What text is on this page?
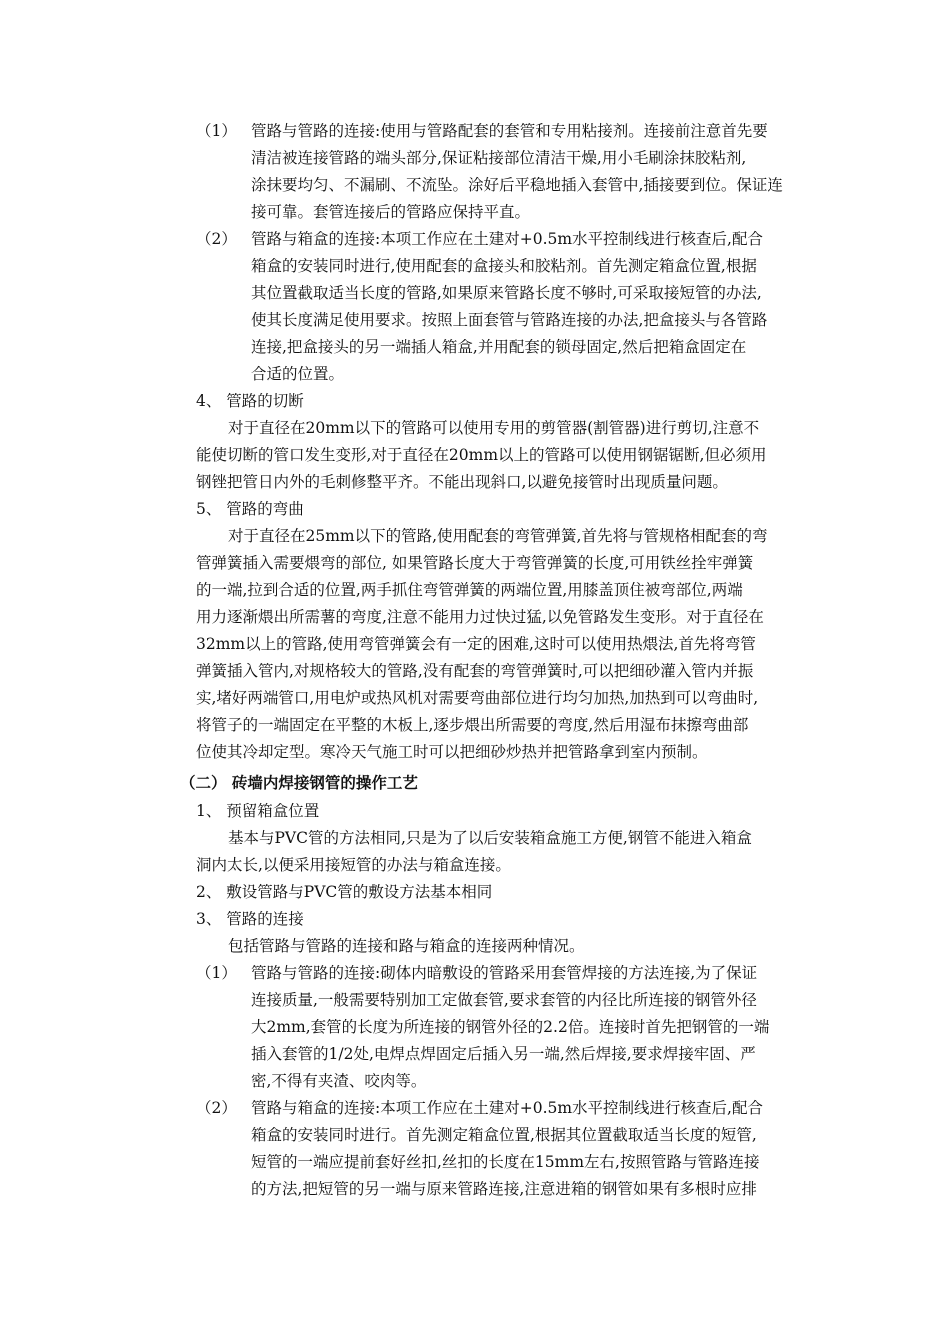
（1） 管路与管路的连接:使用与管路配套的套管和专用粘接剂。连接前注意首先要
清洁被连接管路的端头部分,保证粘接部位清洁干燥,用小毛刷涂抹胶粘剂,
涂抹要均匀、不漏刷、不流坠。涂好后平稳地插入套管中,插接要到位。保证连
接可靠。套管连接后的管路应保持平直。
（2） 管路与箱盒的连接:本项工作应在土建对+0.5m水平控制线进行核查后,配合
箱盒的安装同时进行,使用配套的盒接头和胶粘剂。首先测定箱盒位置,根据
其位置截取适当长度的管路,如果原来管路长度不够时,可采取接短管的办法,
使其长度满足使用要求。按照上面套管与管路连接的办法,把盒接头与各管路
连接,把盒接头的另一端插人箱盒,并用配套的锁母固定,然后把箱盒固定在
合适的位置。
4、 管路的切断
对于直径在20mm以下的管路可以使用专用的剪管器(割管器)进行剪切,注意不
能使切断的管口发生变形,对于直径在20mm以上的管路可以使用钢锯锯断,但必须用
钢锉把管日内外的毛刺修整平齐。不能出现斜口,以避免接管时出现质量问题。
5、 管路的弯曲
对于直径在25mm以下的管路,使用配套的弯管弹簧,首先将与管规格相配套的弯
管弹簧插入需要煨弯的部位, 如果管路长度大于弯管弹簧的长度,可用铁丝拴牢弹簧
的一端,拉到合适的位置,两手抓住弯管弹簧的两端位置,用膝盖顶住被弯部位,两端
用力逐渐煨出所需薯的弯度,注意不能用力过快过猛,以免管路发生变形。对于直径在
32mm以上的管路,使用弯管弹簧会有一定的困难,这时可以使用热煨法,首先将弯管
弹簧插入管内,对规格较大的管路,没有配套的弯管弹簧时,可以把细砂灌入管内并振
实,堵好两端管口,用电炉或热风机对需要弯曲部位进行均匀加热,加热到可以弯曲时,
将管子的一端固定在平整的木板上,逐步煨出所需要的弯度,然后用湿布抹擦弯曲部
位使其冷却定型。寒冷天气施工时可以把细砂炒热并把管路拿到室内预制。
（二） 砖墙内焊接钢管的操作工艺
1、 预留箱盒位置
基本与PVC管的方法相同,只是为了以后安装箱盒施工方便,钢管不能进入箱盒
洞内太长,以便采用接短管的办法与箱盒连接。
2、 敷设管路与PVC管的敷设方法基本相同
3、 管路的连接
包括管路与管路的连接和路与箱盒的连接两种情况。
（1） 管路与管路的连接:砌体内暗敷设的管路采用套管焊接的方法连接,为了保证
连接质量,一般需要特别加工定做套管,要求套管的内径比所连接的钢管外径
大2mm,套管的长度为所连接的钢管外径的2.2倍。连接时首先把钢管的一端
插入套管的1/2处,电焊点焊固定后插入另一端,然后焊接,要求焊接牢固、严
密,不得有夹渣、咬肉等。
（2） 管路与箱盒的连接:本项工作应在土建对+0.5m水平控制线进行核查后,配合
箱盒的安装同时进行。首先测定箱盒位置,根据其位置截取适当长度的短管,
短管的一端应提前套好丝扣,丝扣的长度在15mm左右,按照管路与管路连接
的方法,把短管的另一端与原来管路连接,注意进箱的钢管如果有多根时应排
